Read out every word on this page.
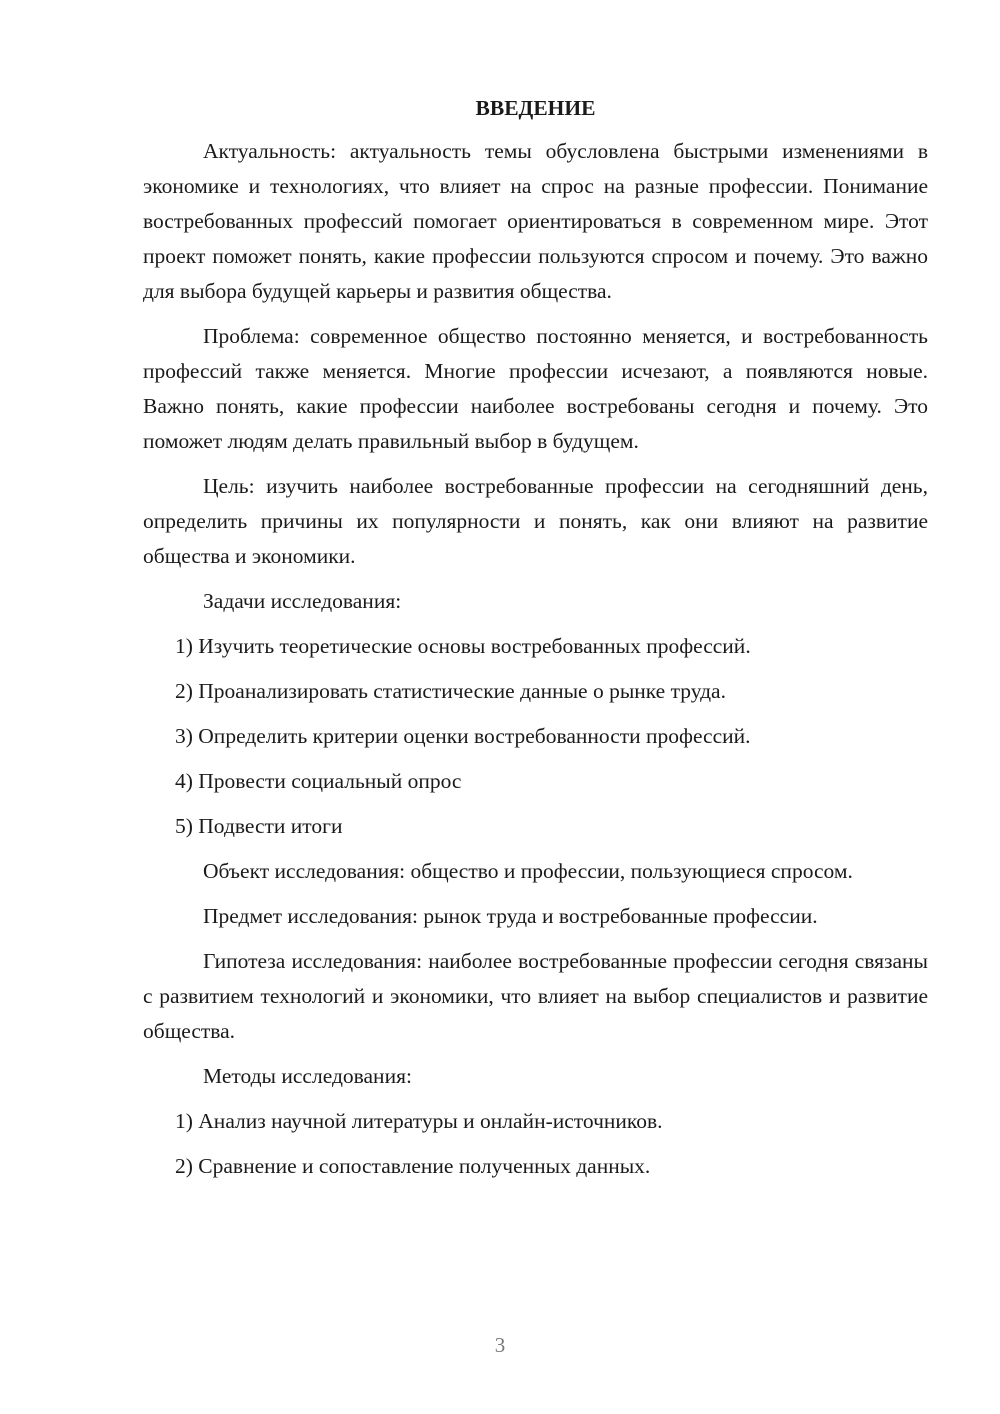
ВВЕДЕНИЕ
Актуальность: актуальность темы обусловлена быстрыми изменениями в экономике и технологиях, что влияет на спрос на разные профессии. Понимание востребованных профессий помогает ориентироваться в современном мире. Этот проект поможет понять, какие профессии пользуются спросом и почему. Это важно для выбора будущей карьеры и развития общества.
Проблема: современное общество постоянно меняется, и востребованность профессий также меняется. Многие профессии исчезают, а появляются новые. Важно понять, какие профессии наиболее востребованы сегодня и почему. Это поможет людям делать правильный выбор в будущем.
Цель: изучить наиболее востребованные профессии на сегодняшний день, определить причины их популярности и понять, как они влияют на развитие общества и экономики.
Задачи исследования:
1) Изучить теоретические основы востребованных профессий.
2) Проанализировать статистические данные о рынке труда.
3) Определить критерии оценки востребованности профессий.
4) Провести социальный опрос
5) Подвести итоги
Объект исследования: общество и профессии, пользующиеся спросом.
Предмет исследования: рынок труда и востребованные профессии.
Гипотеза исследования: наиболее востребованные профессии сегодня связаны с развитием технологий и экономики, что влияет на выбор специалистов и развитие общества.
Методы исследования:
1) Анализ научной литературы и онлайн-источников.
2) Сравнение и сопоставление полученных данных.
3
